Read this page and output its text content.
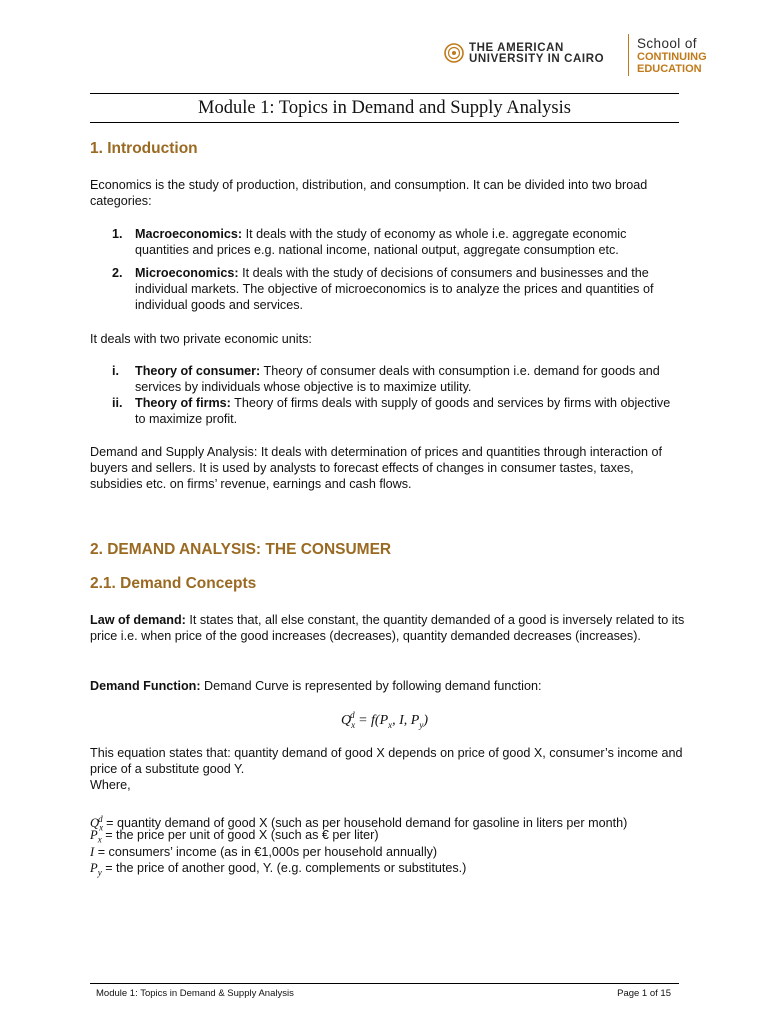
THE AMERICAN
UNIVERSITY IN CAIRO
School of
CONTINUING
EDUCATION
Module 1: Topics in Demand and Supply Analysis
1. Introduction
Economics is the study of production, distribution, and consumption. It can be divided into two broad categories:
1. Macroeconomics: It deals with the study of economy as whole i.e. aggregate economic quantities and prices e.g. national income, national output, aggregate consumption etc.
2. Microeconomics: It deals with the study of decisions of consumers and businesses and the individual markets. The objective of microeconomics is to analyze the prices and quantities of individual goods and services.
It deals with two private economic units:
i. Theory of consumer: Theory of consumer deals with consumption i.e. demand for goods and services by individuals whose objective is to maximize utility.
ii. Theory of firms: Theory of firms deals with supply of goods and services by firms with objective to maximize profit.
Demand and Supply Analysis: It deals with determination of prices and quantities through interaction of buyers and sellers. It is used by analysts to forecast effects of changes in consumer tastes, taxes, subsidies etc. on firms’ revenue, earnings and cash flows.
2. DEMAND ANALYSIS: THE CONSUMER
2.1. Demand Concepts
Law of demand: It states that, all else constant, the quantity demanded of a good is inversely related to its price i.e. when price of the good increases (decreases), quantity demanded decreases (increases).
Demand Function: Demand Curve is represented by following demand function:
$Q_x^d = f(P_x$, I, $P_y$)
This equation states that: quantity demand of good X depends on price of good X, consumer’s income and price of a substitute good Y.
Where,
$Q_x^d$ = quantity demand of good X (such as per household demand for gasoline in liters per month)
$P_x$ = the price per unit of good X (such as € per liter)
I = consumers’ income (as in €1,000s per household annually)
$P_y$ = the price of another good, Y. (e.g. complements or substitutes.)
Module 1: Topics in Demand & Supply Analysis	Page 1 of 15
